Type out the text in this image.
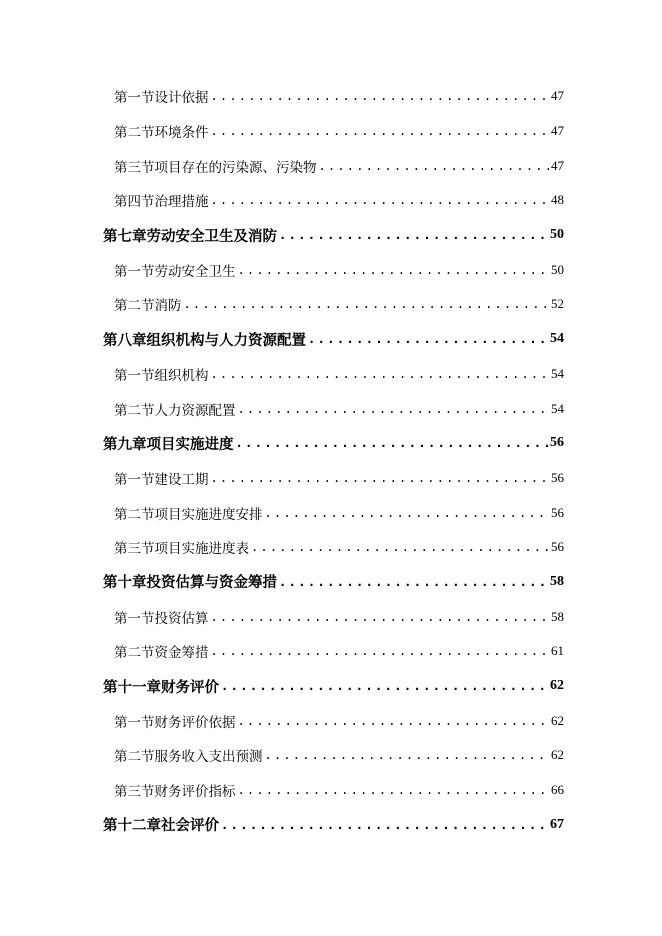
第一节 设计依据 .....	47
第二节 环境条件 .....	47
第三节 项目存在的污染源、污染物 .....	47
第四节 治理措施 .....	48
第七章 劳动安全卫生及消防 .....	50
第一节 劳动安全卫生 .....	50
第二节 消防 .....	52
第八章 组织机构与人力资源配置 .....	54
第一节 组织机构 .....	54
第二节 人力资源配置 .....	54
第九章 项目实施进度 .....	56
第一节 建设工期 .....	56
第二节 项目实施进度安排 .....	56
第三节 项目实施进度表 .....	56
第十章 投资估算与资金筹措 .....	58
第一节 投资估算 .....	58
第二节 资金筹措 .....	61
第十一章 财务评价 .....	62
第一节 财务评价依据 .....	62
第二节 服务收入支出预测 .....	62
第三节 财务评价指标 .....	66
第十二章 社会评价 .....	67
